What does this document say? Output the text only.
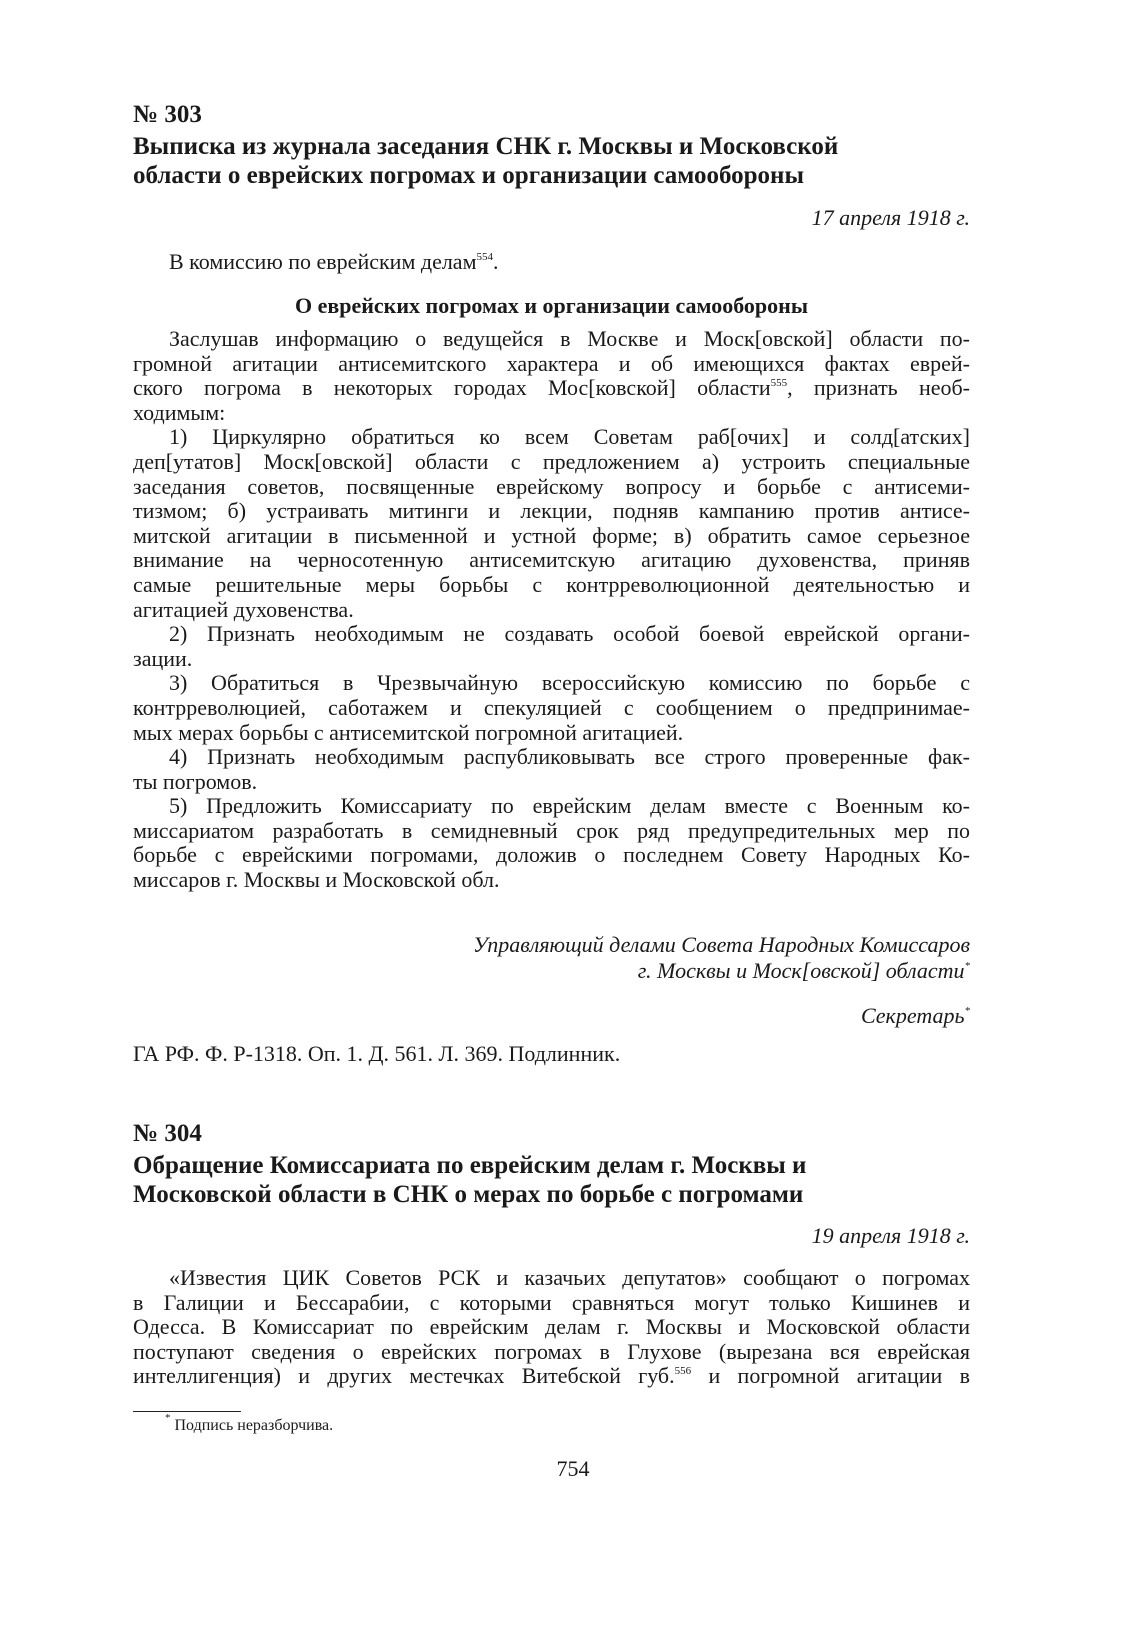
№ 303
Выписка из журнала заседания СНК г. Москвы и Московской
области о еврейских погромах и организации самообороны
17 апреля 1918 г.
В комиссию по еврейским делам$^{554}$.
О еврейских погромах и организации самообороны
Заслушав информацию о ведущейся в Москве и Моск[овской] области по-
громной агитации антисемитского характера и об имеющихся фактах еврей-
ского погрома в некоторых городах Мос[ковской] области$^{555}$, признать необ-
ходимым:
1) Циркулярно обратиться ко всем Советам раб[очих] и солд[атских]
деп[утатов] Моск[овской] области с предложением а) устроить специальные
заседания советов, посвященные еврейскому вопросу и борьбе с антисеми-
тизмом; б) устраивать митинги и лекции, подняв кампанию против антисе-
митской агитации в письменной и устной форме; в) обратить самое серьезное
внимание на черносотенную антисемитскую агитацию духовенства, приняв
самые решительные меры борьбы с контрреволюционной деятельностью и
агитацией духовенства.
2) Признать необходимым не создавать особой боевой еврейской органи-
зации.
3) Обратиться в Чрезвычайную всероссийскую комиссию по борьбе с
контрреволюцией, саботажем и спекуляцией с сообщением о предпринимае-
мых мерах борьбы с антисемитской погромной агитацией.
4) Признать необходимым распубликовывать все строго проверенные фак-
ты погромов.
5) Предложить Комиссариату по еврейским делам вместе с Военным ко-
миссариатом разработать в семидневный срок ряд предупредительных мер по
борьбе с еврейскими погромами, доложив о последнем Совету Народных Ко-
миссаров г. Москвы и Московской обл.
Управляющий делами Совета Народных Комиссаров
г. Москвы и Моск[овской] области*
Секретарь*
ГА РФ. Ф. Р-1318. Оп. 1. Д. 561. Л. 369. Подлинник.
№ 304
Обращение Комиссариата по еврейским делам г. Москвы и
Московской области в СНК о мерах по борьбе с погромами
19 апреля 1918 г.
«Известия ЦИК Советов РСК и казачьих депутатов» сообщают о погромах
в Галиции и Бессарабии, с которыми сравняться могут только Кишинев и
Одесса. В Комиссариат по еврейским делам г. Москвы и Московской области
поступают сведения о еврейских погромах в Глухове (вырезана вся еврейская
интеллигенция) и других местечках Витебской губ.$^{556}$ и погромной агитации в
* Подпись неразборчива.
754
